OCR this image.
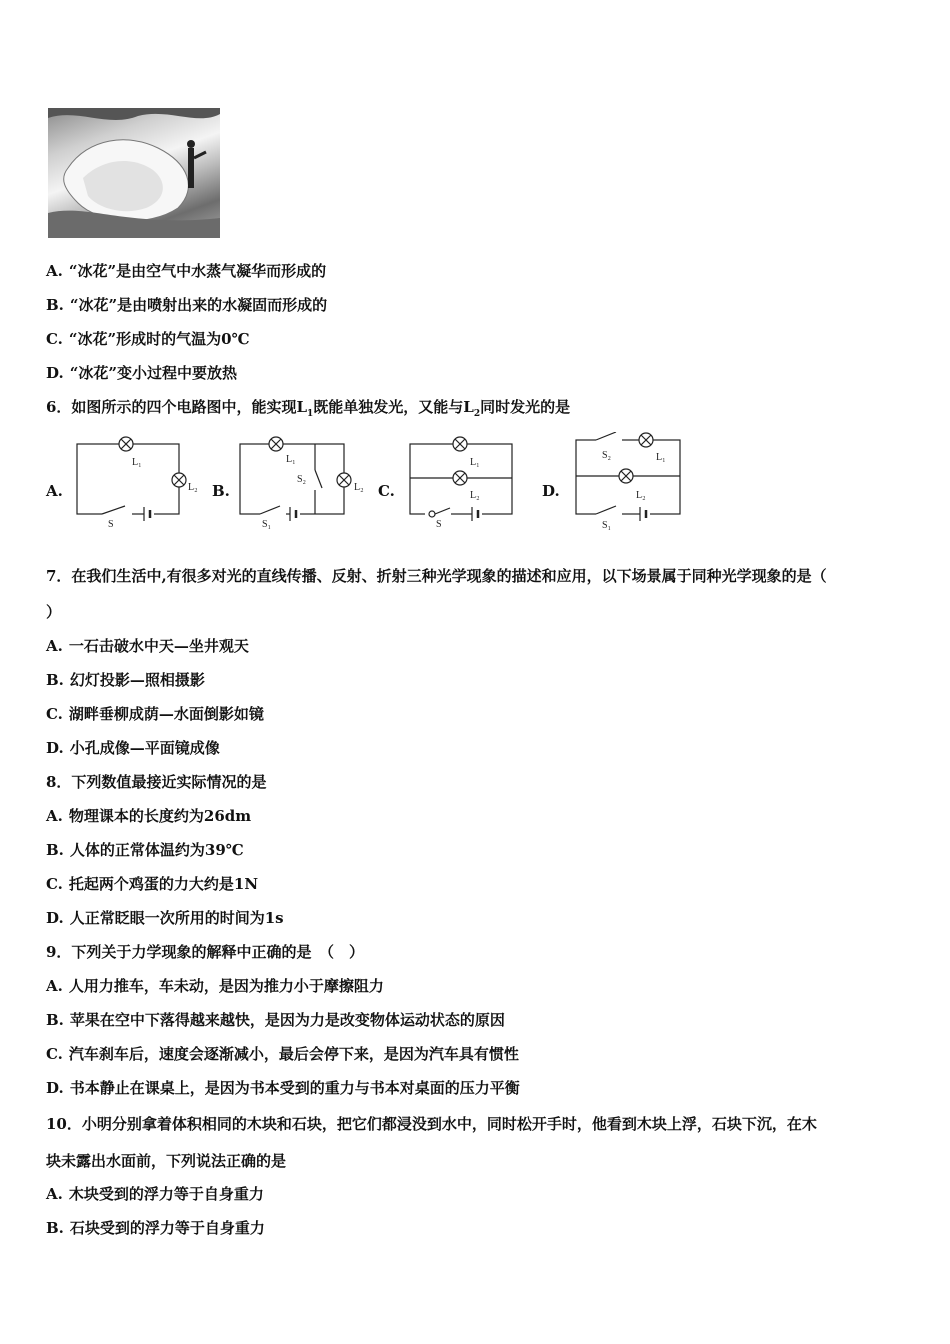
A. “冰花”是由空气中水蒸气凝华而形成的
B. “冰花”是由喷射出来的水凝固而形成的
C. “冰花”形成时的气温为0℃
D. “冰花”变小过程中要放热
6．如图所示的四个电路图中，能实现$L_1$既能单独发光，又能与$L_2$同时发光的是
A.	B.	C.	D.
L₁
L₂
S
L₁
L₂
S₂
S₁
L₁
L₂
S
S₂	L₁
L₂
S₁
7．在我们生活中,有很多对光的直线传播、反射、折射三种光学现象的描述和应用，以下场景属于同种光学现象的是（
）
A. 一石击破水中天—坐井观天
B. 幻灯投影—照相摄影
C. 湖畔垂柳成荫—水面倒影如镜
D. 小孔成像—平面镜成像
8．下列数值最接近实际情况的是
A. 物理课本的长度约为26dm
B. 人体的正常体温约为39℃
C. 托起两个鸡蛋的力大约是1N
D. 人正常眨眼一次所用的时间为1s
9．下列关于力学现象的解释中正确的是　（　）
A. 人用力推车，车未动，是因为推力小于摩擦阻力
B. 苹果在空中下落得越来越快，是因为力是改变物体运动状态的原因
C. 汽车刹车后，速度会逐渐减小，最后会停下来，是因为汽车具有惯性
D. 书本静止在课桌上，是因为书本受到的重力与书本对桌面的压力平衡
10．小明分别拿着体积相同的木块和石块，把它们都浸没到水中，同时松开手时，他看到木块上浮，石块下沉，在木
块未露出水面前，下列说法正确的是
A. 木块受到的浮力等于自身重力
B. 石块受到的浮力等于自身重力
